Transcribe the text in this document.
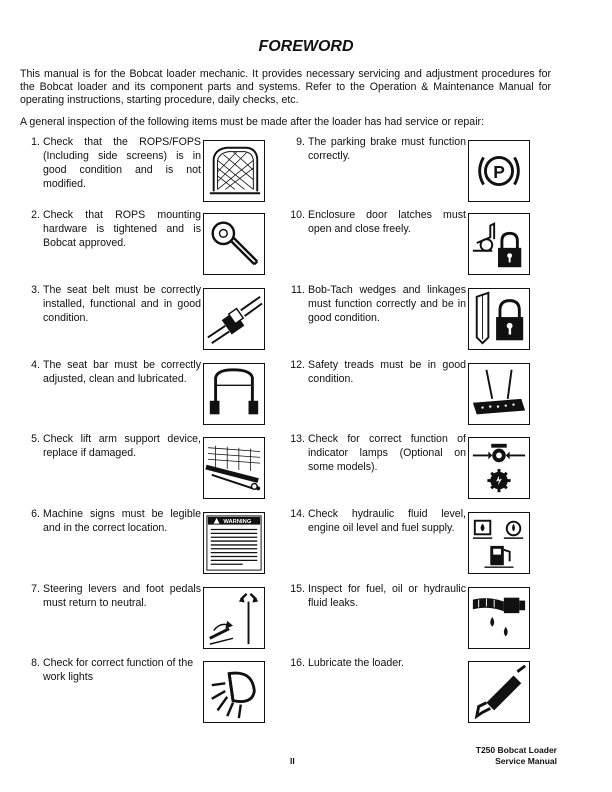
FOREWORD
This manual is for the Bobcat loader mechanic. It provides necessary servicing and adjustment procedures for the Bobcat loader and its component parts and systems. Refer to the Operation & Maintenance Manual for operating instructions, starting procedure, daily checks, etc.
A general inspection of the following items must be made after the loader has had service or repair:
1. Check that the ROPS/FOPS (Including side screens) is in good condition and is not modified.
2. Check that ROPS mounting hardware is tightened and is Bobcat approved.
3. The seat belt must be correctly installed, functional and in good condition.
4. The seat bar must be correctly adjusted, clean and lubricated.
5. Check lift arm support device, replace if damaged.
6. Machine signs must be legible and in the correct location.	WARNING
7. Steering levers and foot pedals must return to neutral.
8. Check for correct function of the work lights
9. The parking brake must function correctly.
P
10. Enclosure door latches must open and close freely.
11. Bob-Tach wedges and linkages must function correctly and be in good condition.
12. Safety treads must be in good condition.
13. Check for correct function of indicator lamps (Optional on some models).
14. Check hydraulic fluid level, engine oil level and fuel supply.
15. Inspect for fuel, oil or hydraulic fluid leaks.
16. Lubricate the loader.
II
T250 Bobcat Loader
Service Manual
